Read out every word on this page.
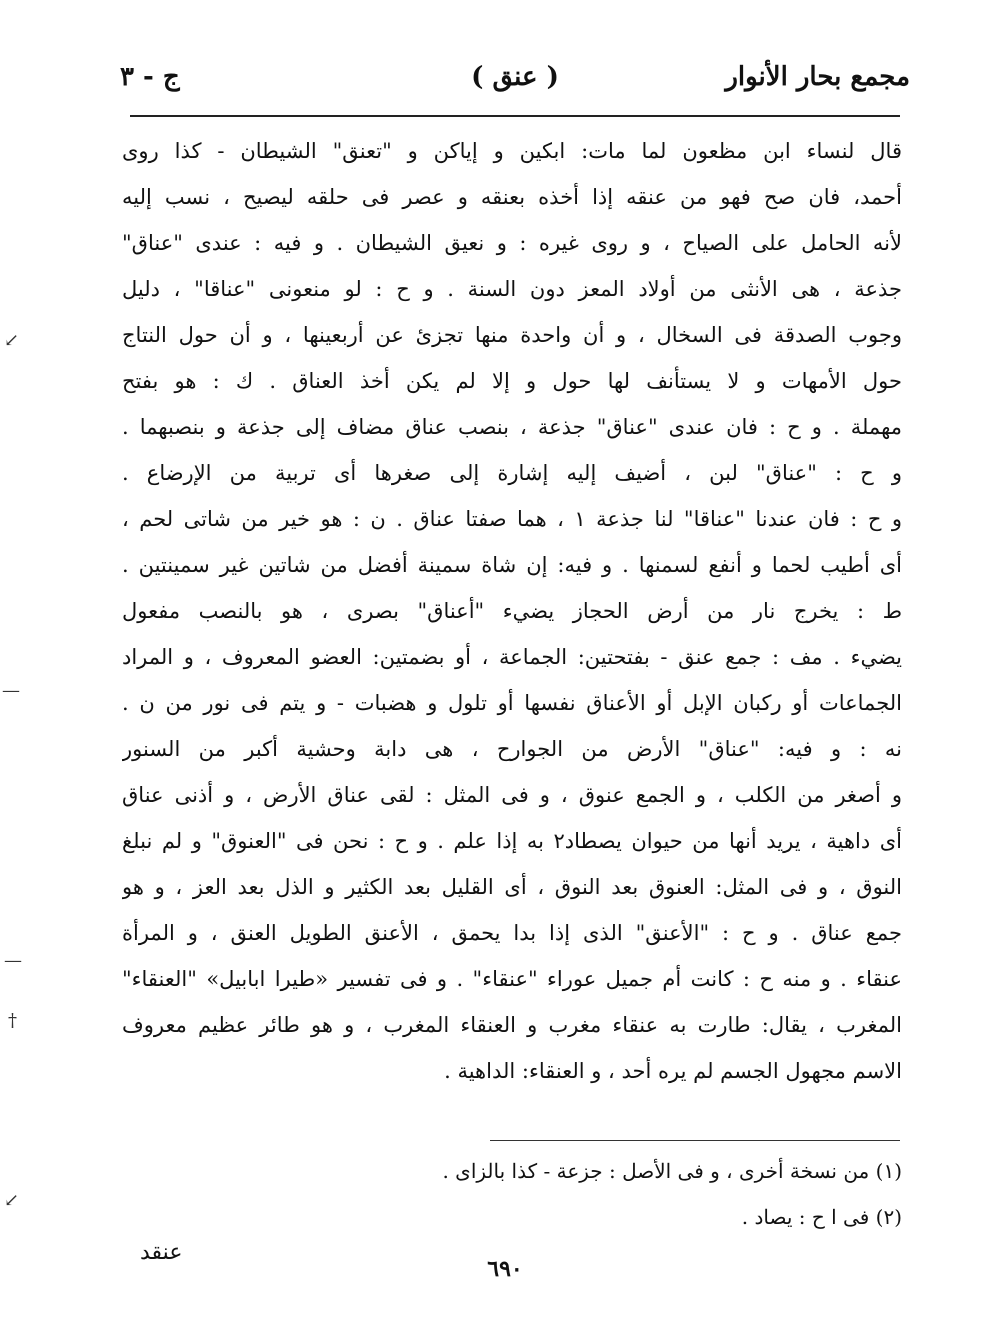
مجمع بحار الأنوار
( عنق )
ج - ٣
قال لنساء ابن مظعون لما مات: ابكين و إياكن و "تعنق" الشيطان - كذا روى
أحمد، فان صح فهو من عنقه إذا أخذه بعنقه و عصر فى حلقه ليصيح ، نسب إليه
لأنه الحامل على الصياح ، و روى غيره : و نعيق الشيطان . و فيه : عندى "عناق"
جذعة ، هى الأنثى من أولاد المعز دون السنة . و ح : لو منعونى "عناقا" ، دليل
وجوب الصدقة فى السخال ، و أن واحدة منها تجزئ عن أربعينها ، و أن حول النتاج
حول الأمهات و لا يستأنف لها حول و إلا لم يكن أخذ العناق . ك : هو بفتح
مهملة . و ح : فان عندى "عناق" جذعة ، بنصب عناق مضاف إلى جذعة و بنصبهما .
و ح : "عناق" لبن ، أضيف إليه إشارة إلى صغرها أى تربية من الإرضاع .
و ح : فان عندنا "عناقا" لنا جذعة ١ ، هما صفتا عناق . ن : هو خير من شاتى لحم ،
أى أطيب لحما و أنفع لسمنها . و فيه: إن شاة سمينة أفضل من شاتين غير سمينتين .
ط : يخرج نار من أرض الحجاز يضيء "أعناق" بصرى ، هو بالنصب مفعول
يضيء . مف : جمع عنق - بفتحتين: الجماعة ، أو بضمتين: العضو المعروف ، و المراد
الجماعات أو ركبان الإبل أو الأعناق نفسها أو تلول و هضبات - و يتم فى نور من ن .
نه : و فيه: "عناق" الأرض من الجوارح ، هى دابة وحشية أكبر من السنور
و أصغر من الكلب ، و الجمع عنوق ، و فى المثل : لقى عناق الأرض ، و أذنى عناق
أى داهية ، يريد أنها من حيوان يصطاد٢ به إذا علم . و ح : نحن فى "العنوق" و لم نبلغ
النوق ، و فى المثل: العنوق بعد النوق ، أى القليل بعد الكثير و الذل بعد العز ، و هو
جمع عناق . و ح : "الأعنق" الذى إذا بدا يحمق ، الأعنق الطويل العنق ، و المرأة
عنقاء . و منه ح : كانت أم جميل عوراء "عنقاء" . و فى تفسير «طيرا ابابيل» "العنقاء"
المغرب ، يقال: طارت به عنقاء مغرب و العنقاء المغرب ، و هو طائر عظيم معروف
الاسم مجهول الجسم لم يره أحد ، و العنقاء: الداهية .
(١) من نسخة أخرى ، و فى الأصل : جزعة - كذا بالزاى .
(٢) فى ا ح : يصاد .
٦٩٠
عنقد
↙
—
—
†
↙
